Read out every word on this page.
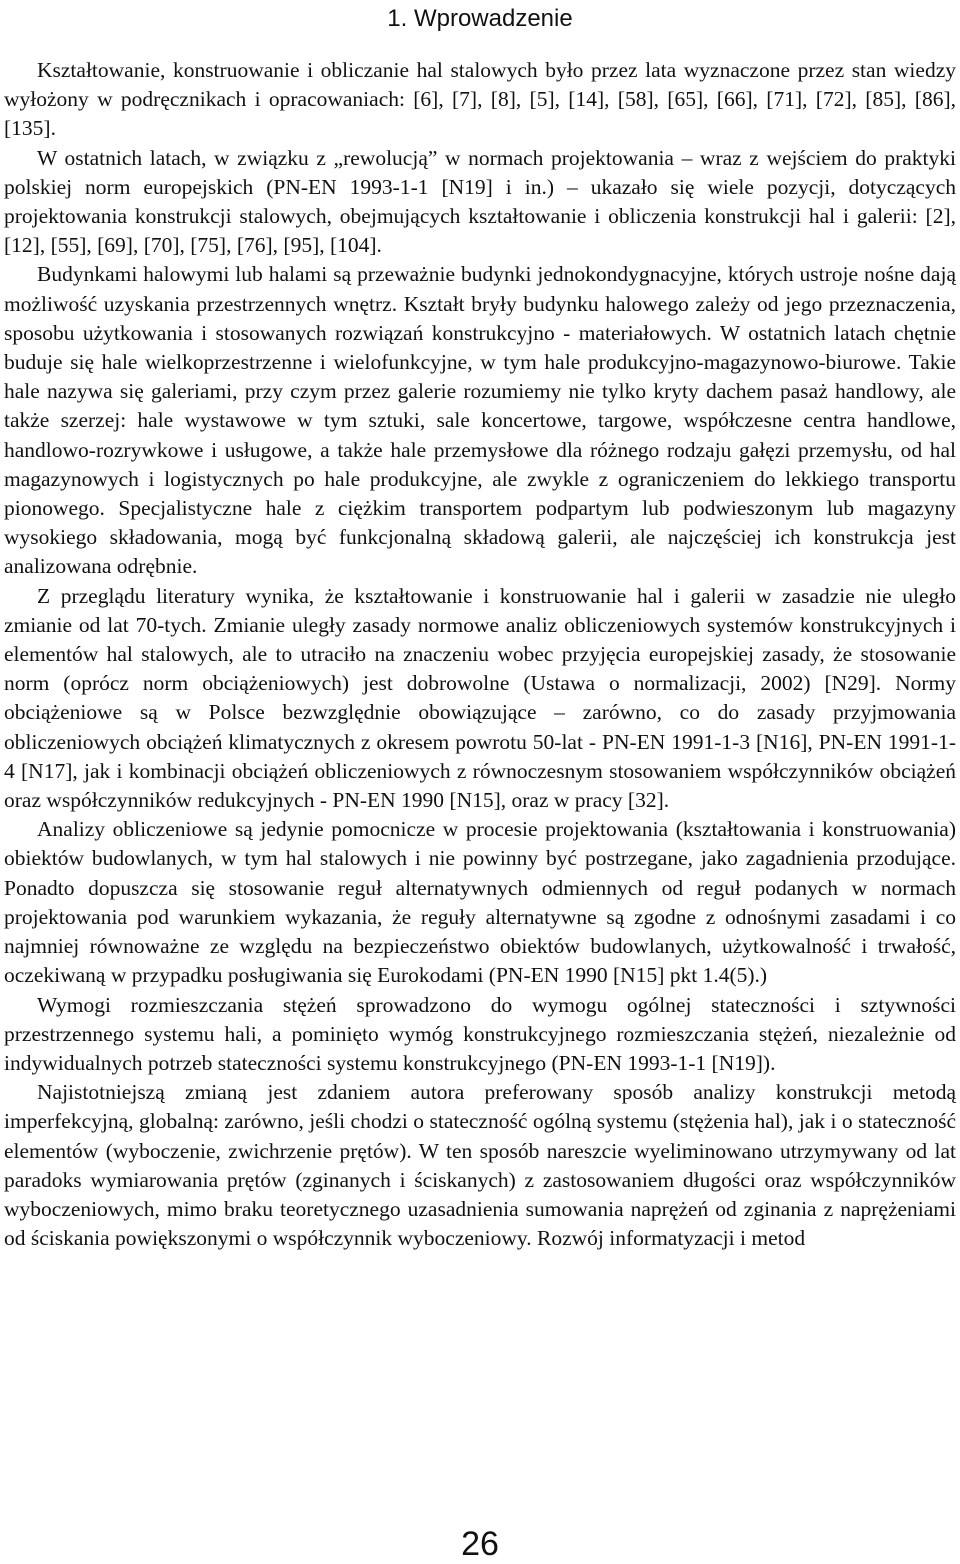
1. Wprowadzenie

Kształtowanie, konstruowanie i obliczanie hal stalowych było przez lata wyznaczone przez stan wiedzy wyłożony w podręcznikach i opracowaniach: [6], [7], [8], [5], [14], [58], [65], [66], [71], [72], [85], [86], [135].

W ostatnich latach, w związku z „rewolucją” w normach projektowania – wraz z wejściem do praktyki polskiej norm europejskich (PN-EN 1993-1-1 [N19] i in.) – ukazało się wiele pozycji, dotyczących projektowania konstrukcji stalowych, obejmujących kształtowanie i obliczenia konstrukcji hal i galerii: [2], [12], [55], [69], [70], [75], [76], [95], [104].

Budynkami halowymi lub halami są przeważnie budynki jednokondygnacyjne, których ustroje nośne dają możliwość uzyskania przestrzennych wnętrz. Kształt bryły budynku halowego zależy od jego przeznaczenia, sposobu użytkowania i stosowanych rozwiązań konstrukcyjno - materiałowych. W ostatnich latach chętnie buduje się hale wielkoprzestrzenne i wielofunkcyjne, w tym hale produkcyjno-magazynowo-biurowe. Takie hale nazywa się galeriami, przy czym przez galerie rozumiemy nie tylko kryty dachem pasaż handlowy, ale także szerzej: hale wystawowe w tym sztuki, sale koncertowe, targowe, współczesne centra handlowe, handlowo-rozrywkowe i usługowe, a także hale przemysłowe dla różnego rodzaju gałęzi przemysłu, od hal magazynowych i logistycznych po hale produkcyjne, ale zwykle z ograniczeniem do lekkiego transportu pionowego. Specjalistyczne hale z ciężkim transportem podpartym lub podwieszonym lub magazyny wysokiego składowania, mogą być funkcjonalną składową galerii, ale najczęściej ich konstrukcja jest analizowana odrębnie.

Z przeglądu literatury wynika, że kształtowanie i konstruowanie hal i galerii w zasadzie nie uległo zmianie od lat 70-tych. Zmianie uległy zasady normowe analiz obliczeniowych systemów konstrukcyjnych i elementów hal stalowych, ale to utraciło na znaczeniu wobec przyjęcia europejskiej zasady, że stosowanie norm (oprócz norm obciążeniowych) jest dobrowolne (Ustawa o normalizacji, 2002) [N29]. Normy obciążeniowe są w Polsce bezwzględnie obowiązujące – zarówno, co do zasady przyjmowania obliczeniowych obciążeń klimatycznych z okresem powrotu 50-lat - PN-EN 1991-1-3 [N16], PN-EN 1991-1-4 [N17], jak i kombinacji obciążeń obliczeniowych z równoczesnym stosowaniem współczynników obciążeń oraz współczynników redukcyjnych - PN-EN 1990 [N15], oraz w pracy [32].

Analizy obliczeniowe są jedynie pomocnicze w procesie projektowania (kształtowania i konstruowania) obiektów budowlanych, w tym hal stalowych i nie powinny być postrzegane, jako zagadnienia przodujące. Ponadto dopuszcza się stosowanie reguł alternatywnych odmiennych od reguł podanych w normach projektowania pod warunkiem wykazania, że reguły alternatywne są zgodne z odnośnymi zasadami i co najmniej równoważne ze względu na bezpieczeństwo obiektów budowlanych, użytkowalność i trwałość, oczekiwaną w przypadku posługiwania się Eurokodami (PN-EN 1990 [N15] pkt 1.4(5).)

Wymogi rozmieszczania stężeń sprowadzono do wymogu ogólnej stateczności i sztywności przestrzennego systemu hali, a pominięto wymóg konstrukcyjnego rozmieszczania stężeń, niezależnie od indywidualnych potrzeb stateczności systemu konstrukcyjnego (PN-EN 1993-1-1 [N19]).

Najistotniejszą zmianą jest zdaniem autora preferowany sposób analizy konstrukcji metodą imperfekcyjną, globalną: zarówno, jeśli chodzi o stateczność ogólną systemu (stężenia hal), jak i o stateczność elementów (wyboczenie, zwichrzenie prętów). W ten sposób nareszcie wyeliminowano utrzymywany od lat paradoks wymiarowania prętów (zginanych i ściskanych) z zastosowaniem długości oraz współczynników wyboczeniowych, mimo braku teoretycznego uzasadnienia sumowania naprężeń od zginania z naprężeniami od ściskania powiększonymi o współczynnik wyboczeniowy. Rozwój informatyzacji i metod

26
